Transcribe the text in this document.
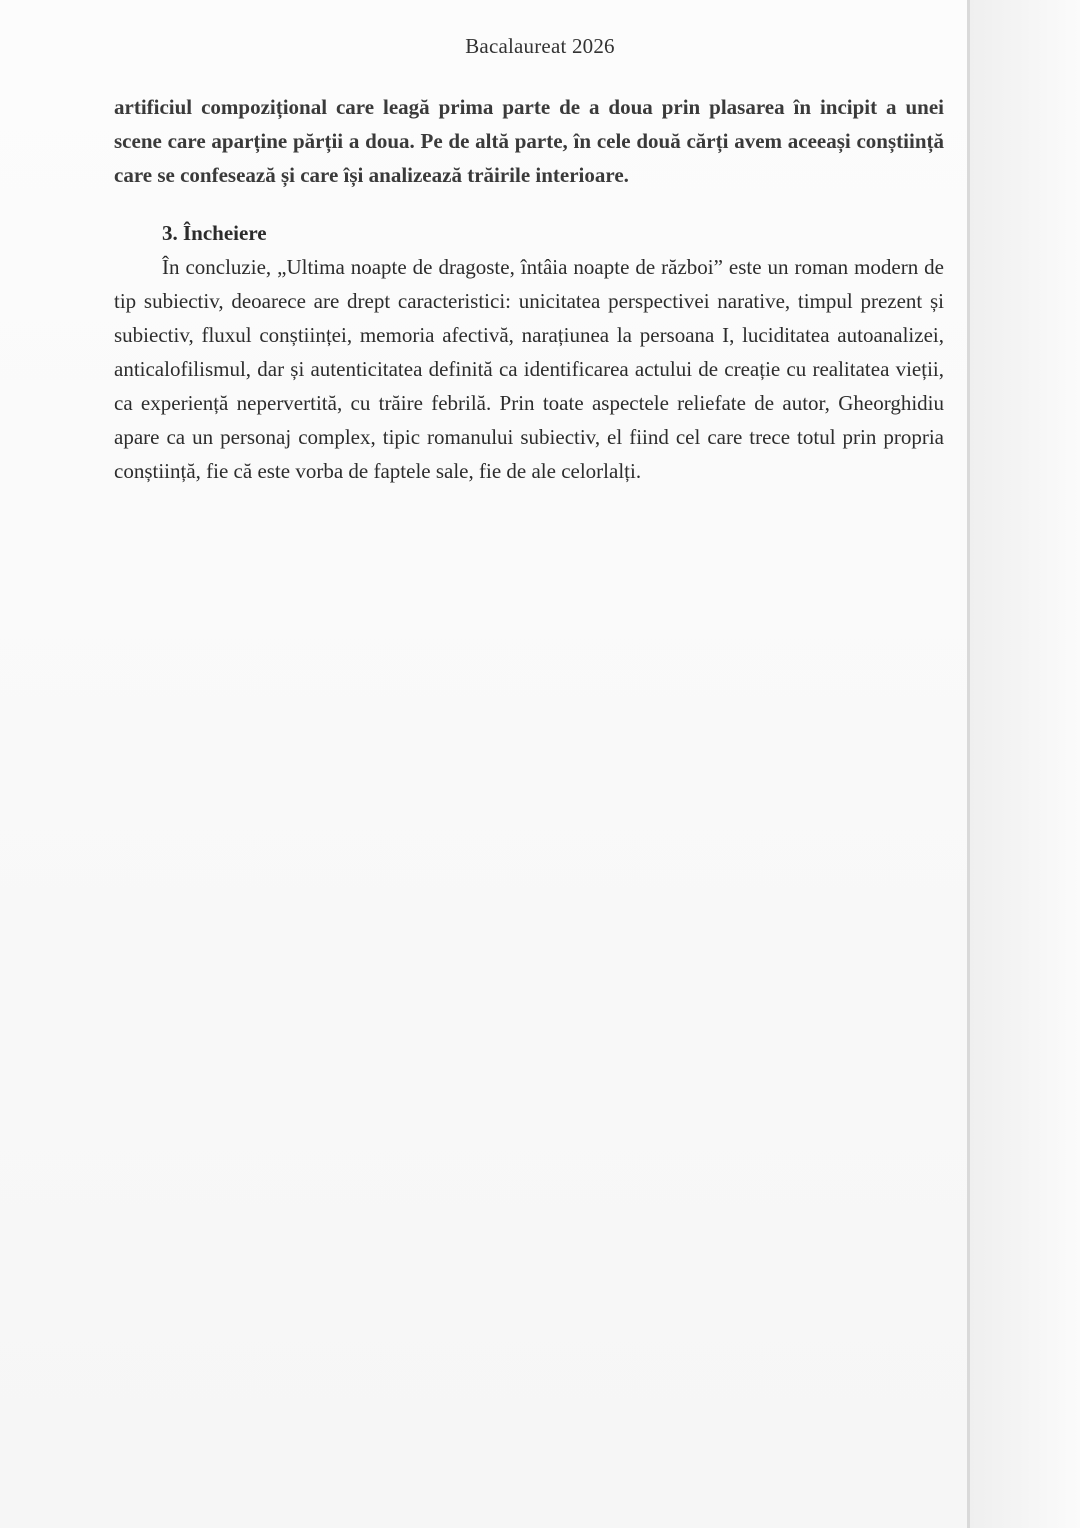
Bacalaureat 2026

artificiul compozițional care leagă prima parte de a doua prin plasarea în incipit a unei scene care aparține părții a doua. Pe de altă parte, în cele două cărți avem aceeași conștiință care se confesează și care își analizează trăirile interioare.

3. Încheiere

În concluzie, „Ultima noapte de dragoste, întâia noapte de război” este un roman modern de tip subiectiv, deoarece are drept caracteristici: unicitatea perspectivei narative, timpul prezent și subiectiv, fluxul conștiinței, memoria afectivă, narațiunea la persoana I, luciditatea autoanalizei, anticalofilismul, dar și autenticitatea definită ca identificarea actului de creație cu realitatea vieții, ca experiență nepervertită, cu trăire febrilă. Prin toate aspectele reliefate de autor, Gheorghidiu apare ca un personaj complex, tipic romanului subiectiv, el fiind cel care trece totul prin propria conștiință, fie că este vorba de faptele sale, fie de ale celorlalți.
